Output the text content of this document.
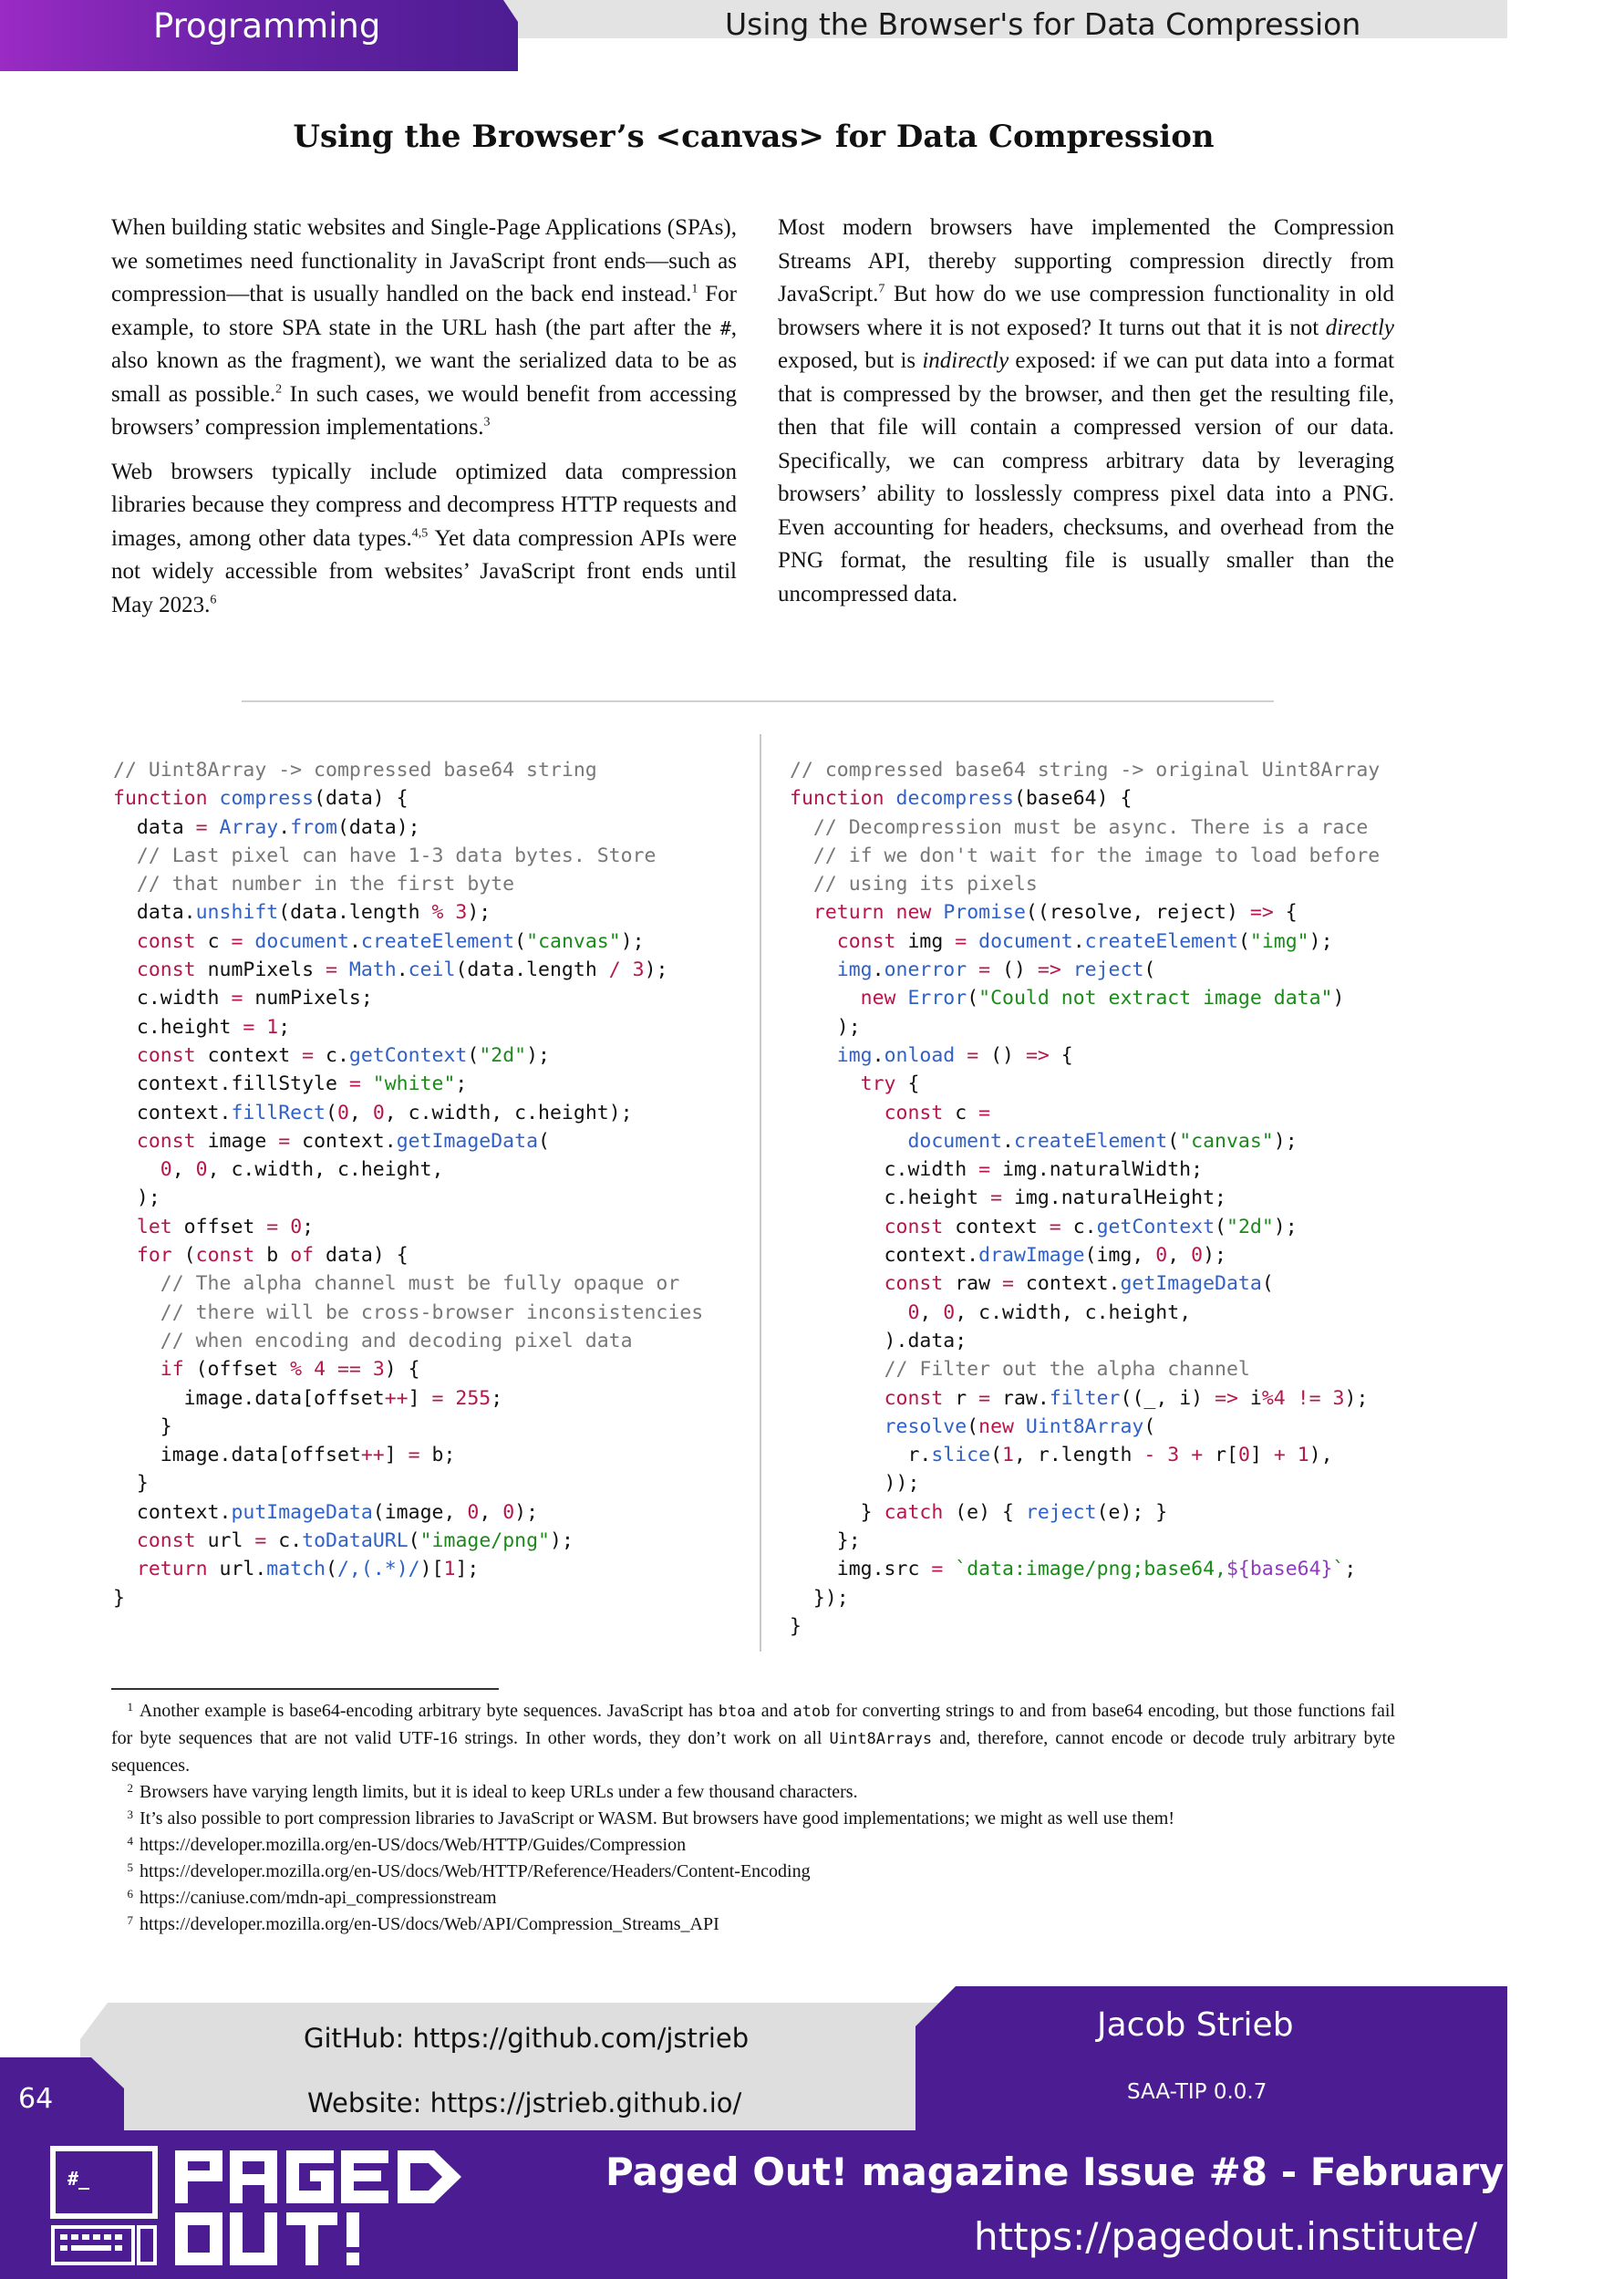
Programming	Using the Browser's for Data Compression
Using the Browser’s <canvas> for Data Compression

When building static websites and Single-Page Applications (SPAs), we sometimes need functionality in JavaScript front ends—such as compression—that is usually handled on the back end instead.$^1$ For example, to store SPA state in the URL hash (the part after the #, also known as the fragment), we want the serialized data to be as small as possible.$^2$ In such cases, we would benefit from accessing browsers’ compression implementations.$^3$

Web browsers typically include optimized data compression libraries because they compress and decompress HTTP requests and images, among other data types.$^{4,5}$ Yet data compression APIs were not widely accessible from websites’ JavaScript front ends until May 2023.$^6$

Most modern browsers have implemented the Compression Streams API, thereby supporting compression directly from JavaScript.$^7$ But how do we use compression functionality in old browsers where it is not exposed? It turns out that it is not directly exposed, but is indirectly exposed: if we can put data into a format that is compressed by the browser, and then get the resulting file, then that file will contain a compressed version of our data. Specifically, we can compress arbitrary data by leveraging browsers’ ability to losslessly compress pixel data into a PNG. Even accounting for headers, checksums, and overhead from the PNG format, the resulting file is usually smaller than the uncompressed data.

// Uint8Array -> compressed base64 string
function compress(data) {
data = Array.from(data);
// Last pixel can have 1-3 data bytes. Store
// that number in the first byte
data.unshift(data.length % 3);
const c = document.createElement("canvas");
const numPixels = Math.ceil(data.length / 3);
c.width = numPixels;
c.height = 1;
const context = c.getContext("2d");
context.fillStyle = "white";
context.fillRect(0, 0, c.width, c.height);
const image = context.getImageData(
0, 0, c.width, c.height,
);
let offset = 0;
for (const b of data) {
// The alpha channel must be fully opaque or
// there will be cross-browser inconsistencies
// when encoding and decoding pixel data
if (offset % 4 == 3) {
image.data[offset++] = 255;
}
image.data[offset++] = b;
}
context.putImageData(image, 0, 0);
const url = c.toDataURL("image/png");
return url.match(/,(.*)/)[1];
}
// compressed base64 string -> original Uint8Array
function decompress(base64) {
// Decompression must be async. There is a race
// if we don't wait for the image to load before
// using its pixels
return new Promise((resolve, reject) => {
const img = document.createElement("img");
img.onerror = () => reject(
new Error("Could not extract image data")
);
img.onload = () => {
try {
const c =
document.createElement("canvas");
c.width = img.naturalWidth;
c.height = img.naturalHeight;
const context = c.getContext("2d");
context.drawImage(img, 0, 0);
const raw = context.getImageData(
0, 0, c.width, c.height,
).data;
// Filter out the alpha channel
const r = raw.filter((_, i) => i%4 != 3);
resolve(new Uint8Array(
r.slice(1, r.length - 3 + r[0] + 1),
));
} catch (e) { reject(e); }
};
img.src = `data:image/png;base64,${base64}`;
});
}

1 Another example is base64-encoding arbitrary byte sequences. JavaScript has btoa and atob for converting strings to and from base64 encoding, but those functions fail for byte sequences that are not valid UTF-16 strings. In other words, they don’t work on all Uint8Arrays and, therefore, cannot encode or decode truly arbitrary byte sequences.

2 Browsers have varying length limits, but it is ideal to keep URLs under a few thousand characters.

3 It’s also possible to port compression libraries to JavaScript or WASM. But browsers have good implementations; we might as well use them!

4 https://developer.mozilla.org/en-US/docs/Web/HTTP/Guides/Compression

5 https://developer.mozilla.org/en-US/docs/Web/HTTP/Reference/Headers/Content-Encoding

6 https://caniuse.com/mdn-api_compressionstream

7 https://developer.mozilla.org/en-US/docs/Web/API/Compression_Streams_API

GitHub: https://github.com/jstrieb
Website: https://jstrieb.github.io/
Jacob Strieb
SAA-TIP 0.0.7
64
Paged Out! magazine Issue #8 - February 2026
https://pagedout.institute/
#_
